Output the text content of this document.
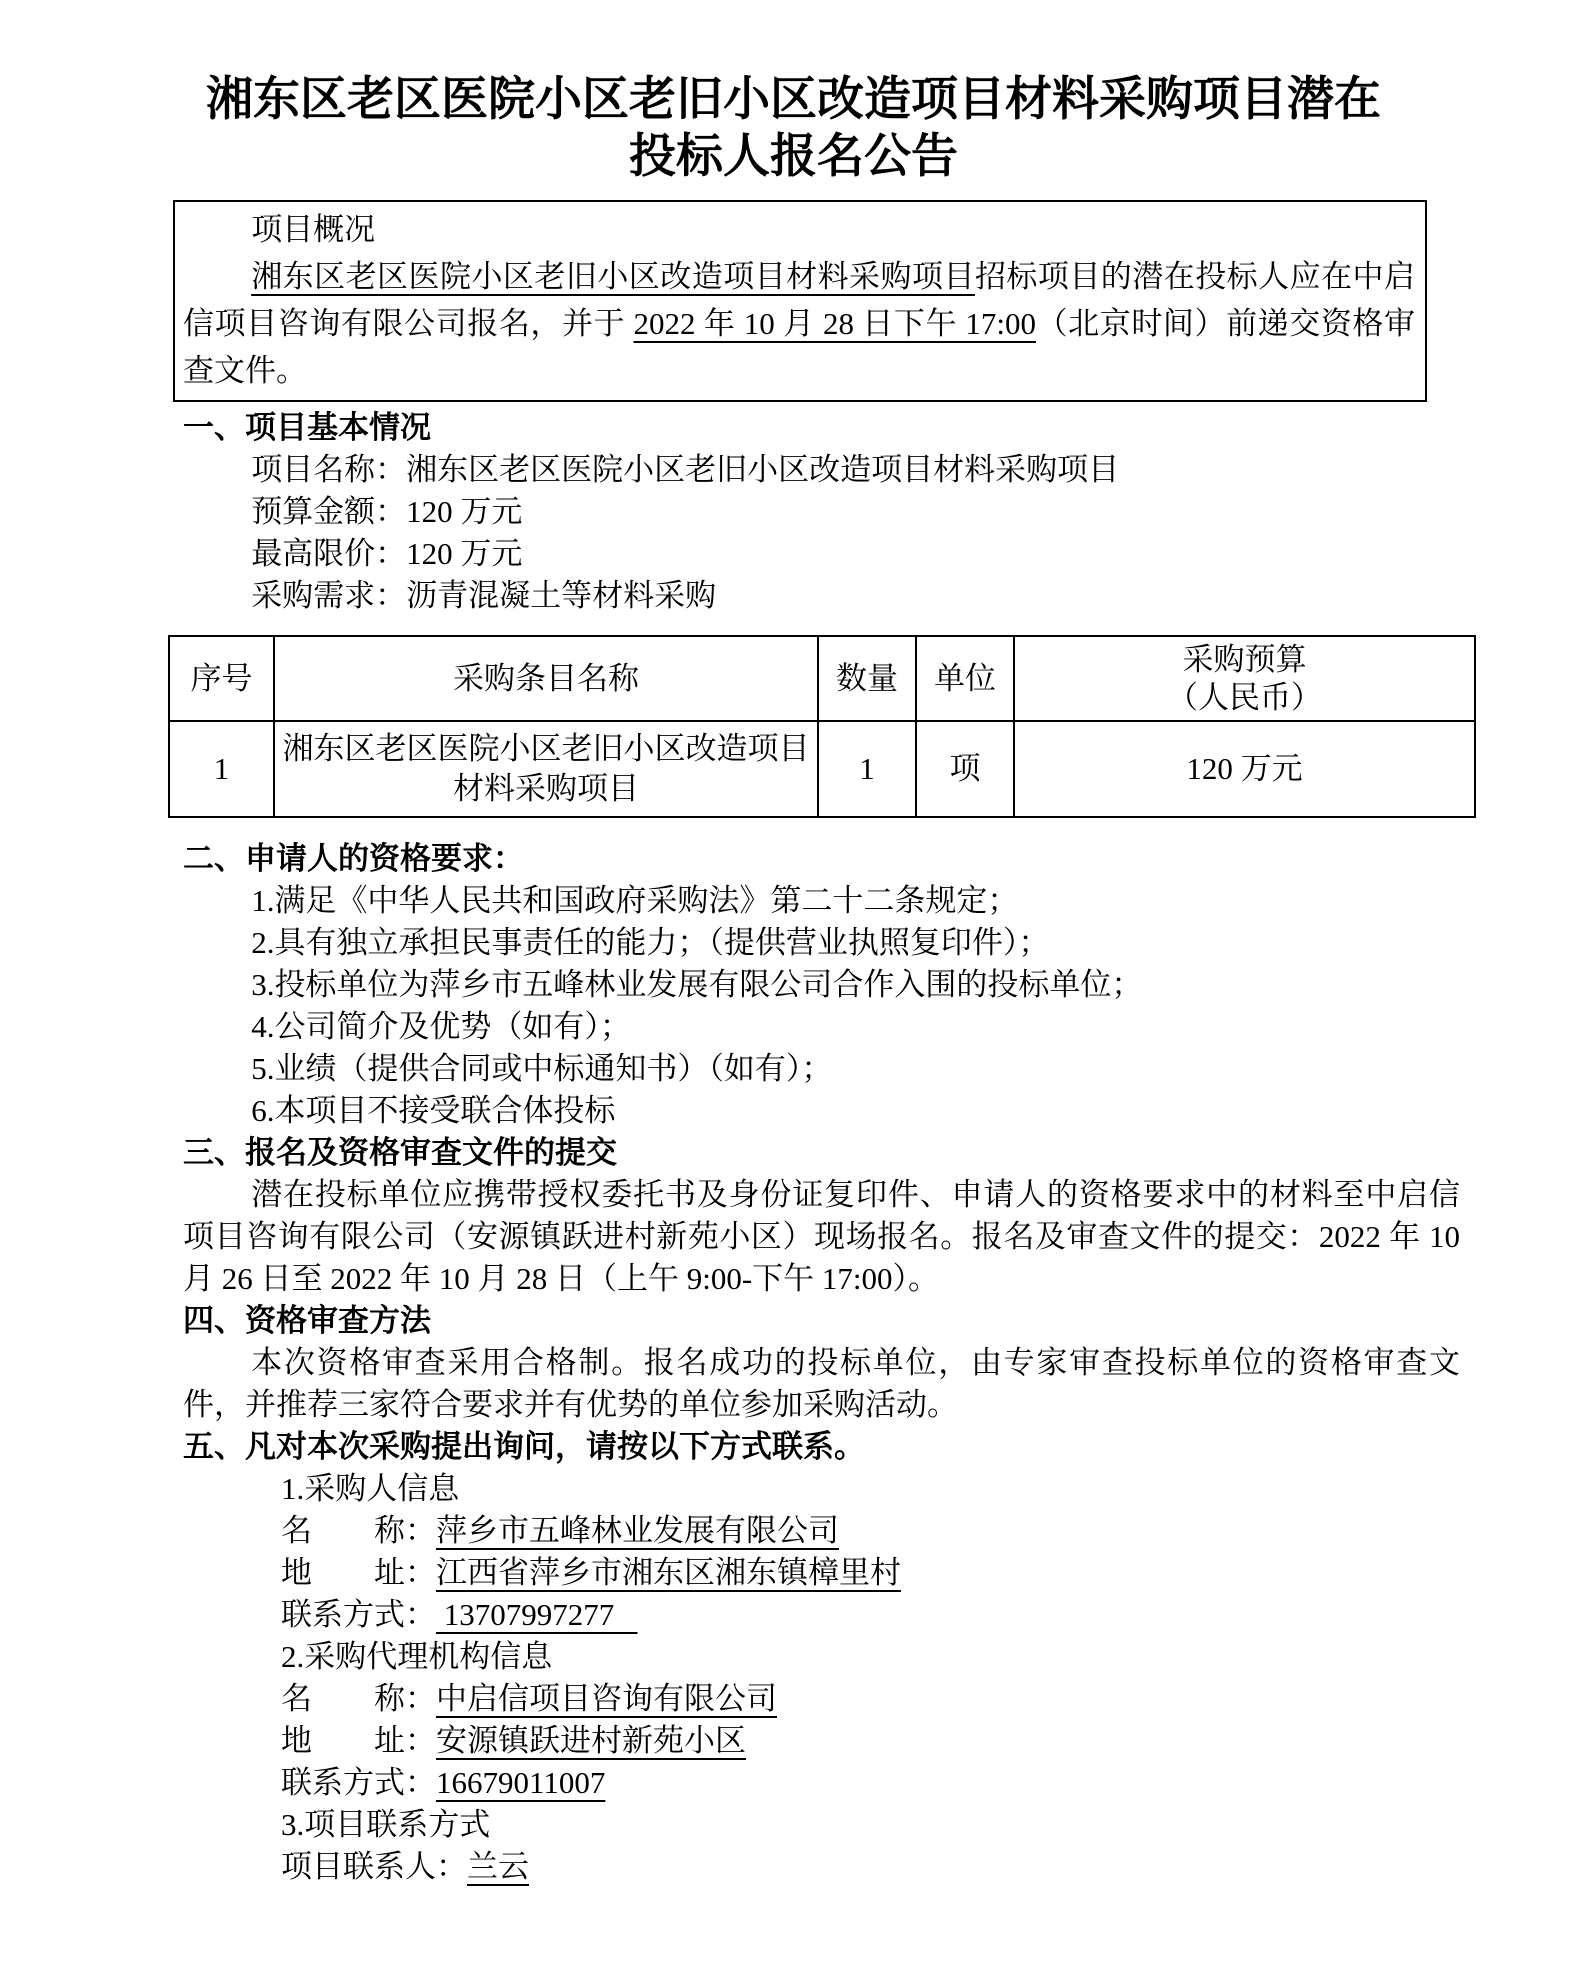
湘东区老区医院小区老旧小区改造项目材料采购项目潜在投标人报名公告

项目概况

湘东区老区医院小区老旧小区改造项目材料采购项目招标项目的潜在投标人应在中启信项目咨询有限公司报名，并于 2022 年 10 月 28 日下午 17:00（北京时间）前递交资格审查文件。

一、项目基本情况
项目名称：湘东区老区医院小区老旧小区改造项目材料采购项目
预算金额：120 万元
最高限价：120 万元
采购需求：沥青混凝土等材料采购
序号	采购条目名称	数量	单位	采购预算
（人民币）

1	湘东区老区医院小区老旧小区改造项目材料采购项目	1	项	120 万元
二、申请人的资格要求：
1.满足《中华人民共和国政府采购法》第二十二条规定；
2.具有独立承担民事责任的能力；（提供营业执照复印件）；
3.投标单位为萍乡市五峰林业发展有限公司合作入围的投标单位；
4.公司简介及优势（如有）；
5.业绩（提供合同或中标通知书）（如有）；
6.本项目不接受联合体投标
三、报名及资格审查文件的提交

潜在投标单位应携带授权委托书及身份证复印件、申请人的资格要求中的材料至中启信项目咨询有限公司（安源镇跃进村新苑小区）现场报名。报名及审查文件的提交：2022 年 10 月 26 日至 2022 年 10 月 28 日（上午 9:00-下午 17:00）。

四、资格审查方法

本次资格审查采用合格制。报名成功的投标单位，由专家审查投标单位的资格审查文件，并推荐三家符合要求并有优势的单位参加采购活动。

五、凡对本次采购提出询问，请按以下方式联系。
1.采购人信息
名　　称：萍乡市五峰林业发展有限公司
地　　址：江西省萍乡市湘东区湘东镇樟里村
联系方式： 13707997277
2.采购代理机构信息
名　　称：中启信项目咨询有限公司
地　　址：安源镇跃进村新苑小区
联系方式：16679011007
3.项目联系方式
项目联系人：兰云
